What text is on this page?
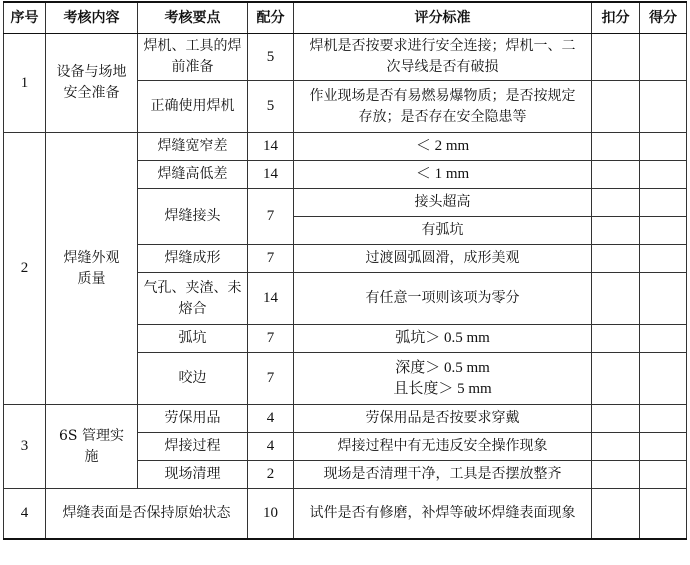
序号	考核内容	考核要点	配分	评分标准	扣分	得分
1	设备与场地安全准备	焊机、工具的焊前准备	5	焊机是否按要求进行安全连接；焊机一、二次导线是否有破损		
		正确使用焊机	5	作业现场是否有易燃易爆物质；是否按规定存放；是否存在安全隐患等		
2	焊缝外观质量	焊缝宽窄差	14	＜ 2 mm		
		焊缝高低差	14	＜ 1 mm		
		焊缝接头	7	接头超高		
				有弧坑		
		焊缝成形	7	过渡圆弧圆滑，成形美观		
		气孔、夹渣、未熔合	14	有任意一项则该项为零分		
		弧坑	7	弧坑＞ 0.5 mm		
		咬边	7	深度＞ 0.5 mm
且长度＞ 5 mm		

3	6S 管理实施	劳保用品	4	劳保用品是否按要求穿戴		
		焊接过程	4	焊接过程中有无违反安全操作现象		
		现场清理	2	现场是否清理干净，工具是否摆放整齐		
4	焊缝表面是否保持原始状态		10	试件是否有修磨，补焊等破坏焊缝表面现象		
